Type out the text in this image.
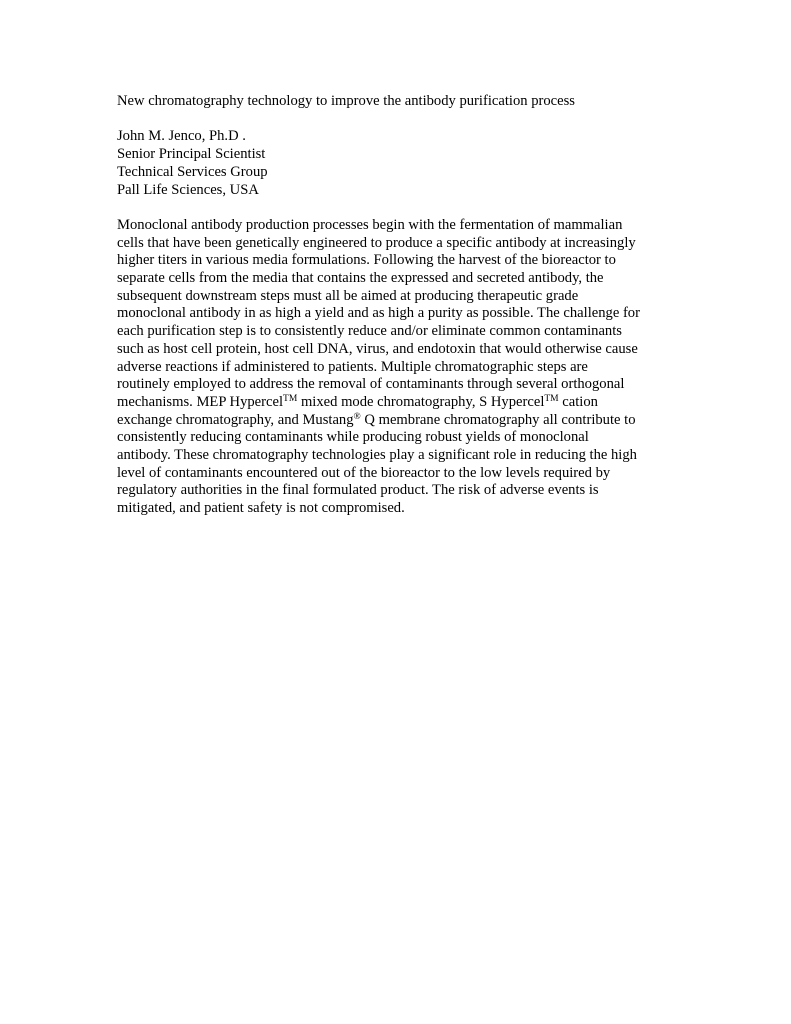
New chromatography technology to improve the antibody purification process

John M. Jenco, Ph.D .
Senior Principal Scientist
Technical Services Group
Pall Life Sciences, USA
Monoclonal antibody production processes begin with the fermentation of mammalian
cells that have been genetically engineered to produce a specific antibody at increasingly
higher titers in various media formulations. Following the harvest of the bioreactor to
separate cells from the media that contains the expressed and secreted antibody, the
subsequent downstream steps must all be aimed at producing therapeutic grade
monoclonal antibody in as high a yield and as high a purity as possible. The challenge for
each purification step is to consistently reduce and/or eliminate common contaminants
such as host cell protein, host cell DNA, virus, and endotoxin that would otherwise cause
adverse reactions if administered to patients. Multiple chromatographic steps are
routinely employed to address the removal of contaminants through several orthogonal
mechanisms. MEP Hypercel™ mixed mode chromatography, S Hypercel™ cation
exchange chromatography, and Mustang® Q membrane chromatography all contribute to
consistently reducing contaminants while producing robust yields of monoclonal
antibody. These chromatography technologies play a significant role in reducing the high
level of contaminants encountered out of the bioreactor to the low levels required by
regulatory authorities in the final formulated product. The risk of adverse events is
mitigated, and patient safety is not compromised.
